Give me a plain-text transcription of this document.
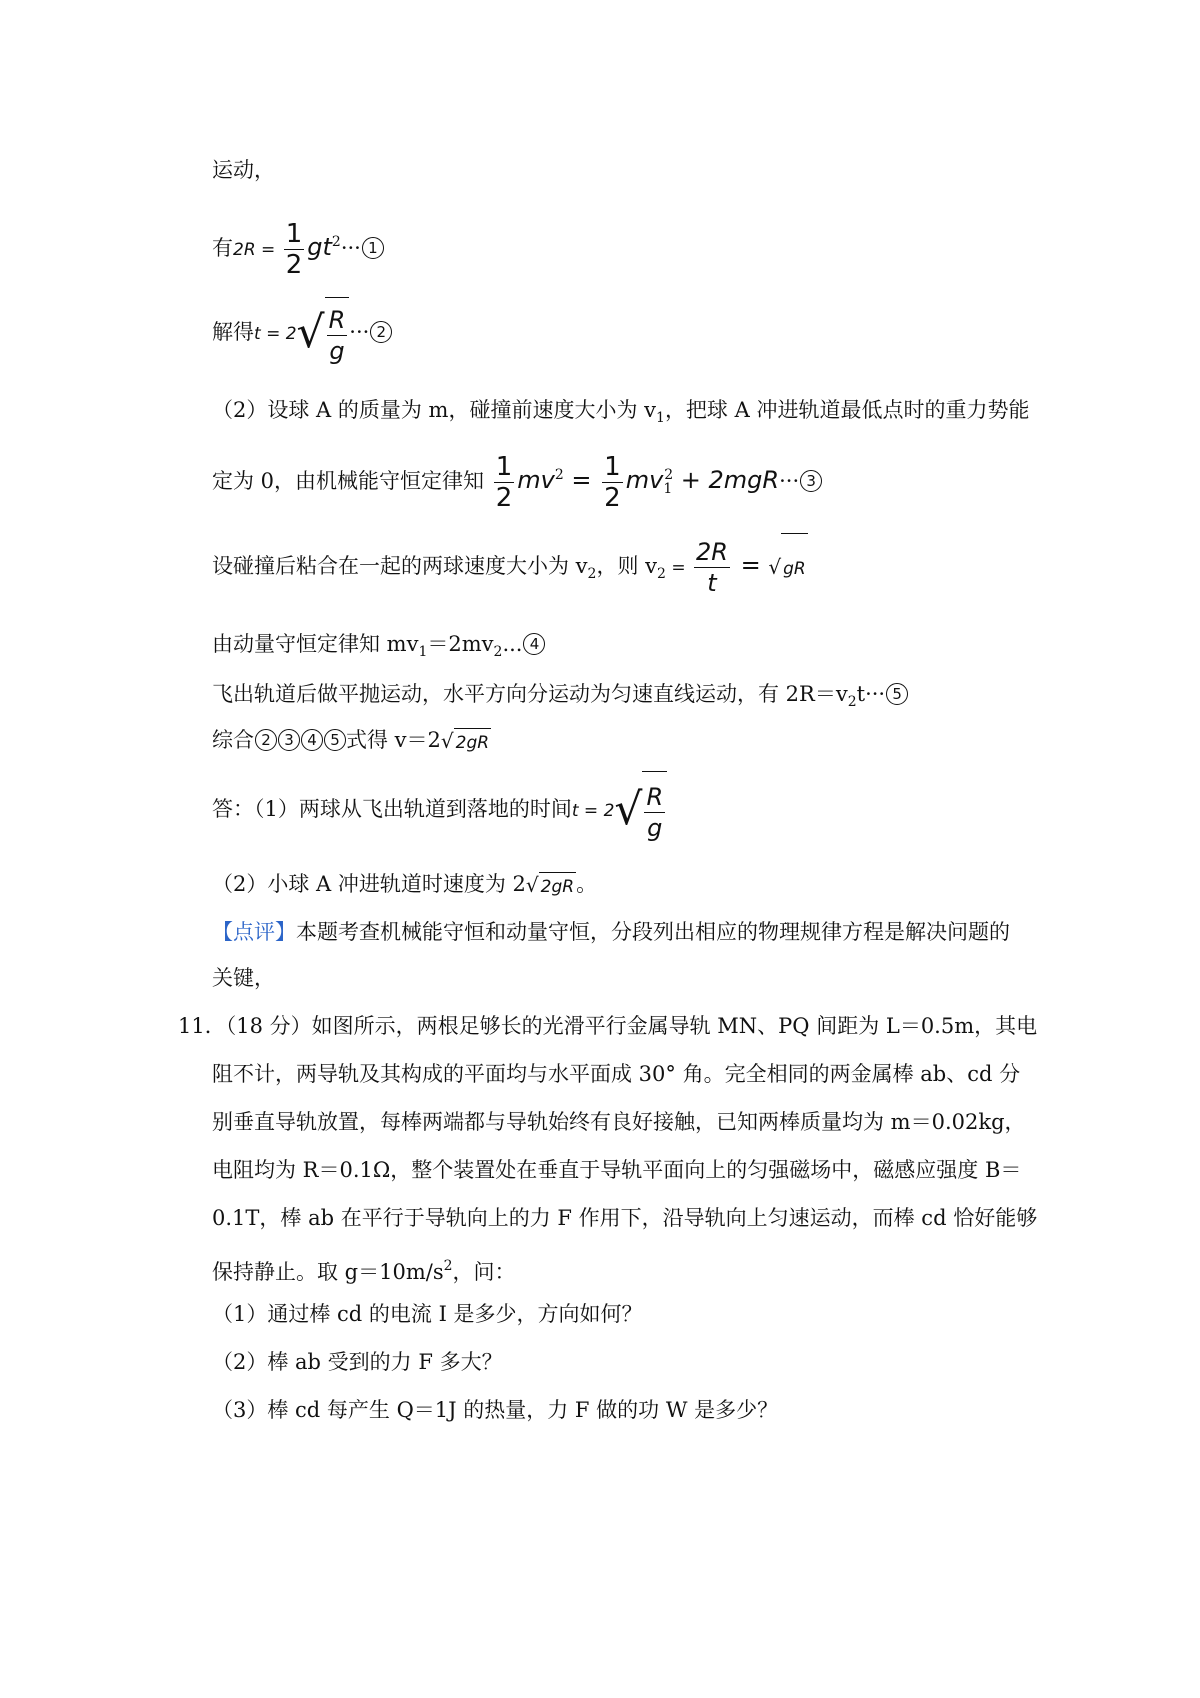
运动，
有$2R = \frac{1}{2} gt^2\cdot\cdot\cdot 1$
解得$t = 2√ \frac{R}{g}$ ··· 2
（2）设球 A 的质量为 m，碰撞前速度大小为 $v_1$，把球 A 冲进轨道最低点时的重力势能
定为 0，由机械能守恒定律知 $\frac{1}{2} mv^2 = \frac{1}{2} mv_1^2 + 2mgR\cdot\cdot\cdot 3$
设碰撞后粘合在一起的两球速度大小为 $v_2$，则 $v_2 = \frac{2R}{t}$ = √ gR
由动量守恒定律知 $mv_1=2mv_2$... 4
飞出轨道后做平抛运动，水平方向分运动为匀速直线运动，有 $2R=v_2t\cdot\cdot\cdot 5$
综合 2 3 4 5 式得 v＝2√ 2gR
答：（1）两球从飞出轨道到落地的时间$t = 2√ \frac{R}{g}$
（2）小球 A 冲进轨道时速度为 2√ 2gR。
【点评】本题考查机械能守恒和动量守恒，分段列出相应的物理规律方程是解决问题的
关键，
11．（18 分）如图所示，两根足够长的光滑平行金属导轨 MN、PQ 间距为 L＝0.5m，其电
阻不计，两导轨及其构成的平面均与水平面成 30° 角。完全相同的两金属棒 ab、cd 分
别垂直导轨放置，每棒两端都与导轨始终有良好接触，已知两棒质量均为 m＝0.02kg，
电阻均为 R＝0.1Ω，整个装置处在垂直于导轨平面向上的匀强磁场中，磁感应强度 B＝
0.1T，棒 ab 在平行于导轨向上的力 F 作用下，沿导轨向上匀速运动，而棒 cd 恰好能够
保持静止。取 $g=10m/s^2$，问：
（1）通过棒 cd 的电流 I 是多少，方向如何？
（2）棒 ab 受到的力 F 多大？
（3）棒 cd 每产生 Q＝1J 的热量，力 F 做的功 W 是多少？
